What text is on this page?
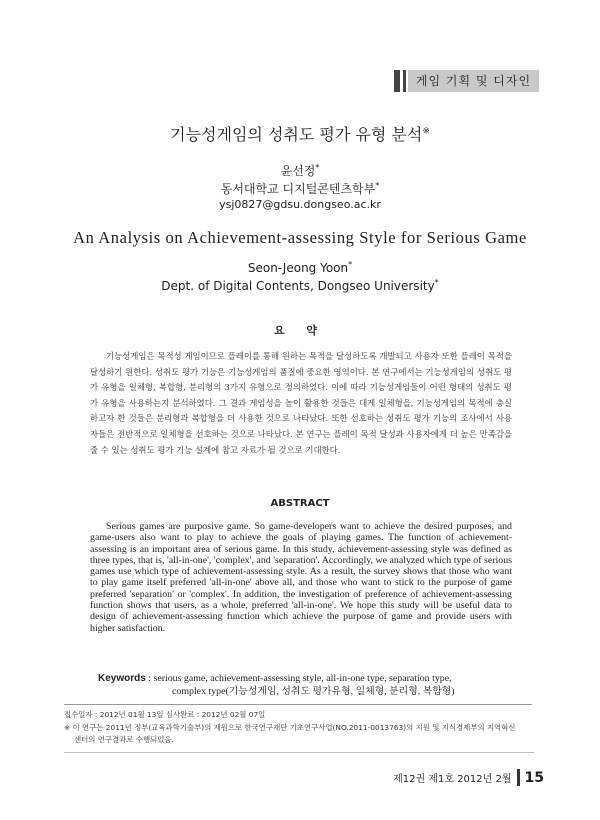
게임 기획 및 디자인
기능성게임의 성취도 평가 유형 분석※
윤선정*
동서대학교 디지털콘텐츠학부*
ysj0827@gdsu.dongseo.ac.kr
An Analysis on Achievement-assessing Style for Serious Game
Seon-Jeong Yoon*
Dept. of Digital Contents, Dongseo University*
요 약
기능성게임은 목적성 게임이므로 플레이를 통해 원하는 목적을 달성하도록 개발되고 사용자 또한 플레이 목적을 달성하기 원한다. 성취도 평가 기능은 기능성게임의 품질에 중요한 영역이다. 본 연구에서는 기능성게임의 성취도 평가 유형을 일체형, 복합형, 분리형의 3가지 유형으로 정의하였다. 이에 따라 기능성게임들이 어떤 형태의 성취도 평가 유형을 사용하는지 분석하였다. 그 결과 게임성을 높이 활용한 것들은 대게 일체형을, 기능성게임의 목적에 충실하고자 한 것들은 분리형과 복합형을 더 사용한 것으로 나타났다. 또한 선호하는 성취도 평가 기능의 조사에서 사용자들은 전반적으로 일체형을 선호하는 것으로 나타났다. 본 연구는 플레이 목적 달성과 사용자에게 더 높은 만족감을 줄 수 있는 성취도 평가 기능 설계에 참고 자료가 될 것으로 기대한다.
ABSTRACT
Serious games are purposive game. So game-developers want to achieve the desired purposes, and game-users also want to play to achieve the goals of playing games. The function of achievement-assessing is an important area of serious game. In this study, achievement-assessing style was defined as three types, that is, 'all-in-one', 'complex', and 'separation'. Accordingly, we analyzed which type of serious games use which type of achievement-assessing style. As a result, the survey shows that those who want to play game itself preferred 'all-in-one' above all, and those who want to stick to the purpose of game preferred 'separation' or 'complex'. In addition, the investigation of preference of achievement-assessing function shows that users, as a whole, preferred 'all-in-one'. We hope this study will be useful data to design of achievement-assessing function which achieve the purpose of game and provide users with higher satisfaction.
Keywords : serious game, achievement-assessing style, all-in-one type, separation type,
complex type(기능성게임, 성취도 평가유형, 일체형, 분리형, 복합형)
접수일자 : 2012년 01월 13일 심사완료 : 2012년 02월 07일
※ 이 연구는 2011년 정부(교육과학기술부)의 재원으로 한국연구재단 기초연구사업(NO.2011-0013763)의 지원 및 지식경제부의 지역혁신
센터의 연구결과로 수행되었음.
제12권 제1호 2012년 2월 15
